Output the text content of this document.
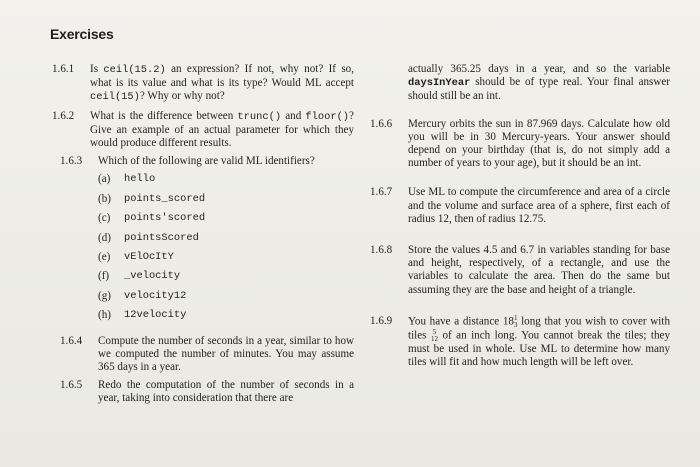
Exercises
1.6.1	Is ceil(15.2) an expression? If not, why not? If so, what is its value and what is its type? Would ML accept ceil(15)? Why or why not?
1.6.2	What is the difference between trunc() and floor()? Give an example of an actual parameter for which they would produce different results.
1.6.3	Which of the following are valid ML identifiers?
(a)	hello
(b)	points_scored
(c)	points'scored
(d)	pointsScored
(e)	vElOcItY
(f)	_velocity
(g)	velocity12
(h)	12velocity
1.6.4	Compute the number of seconds in a year, similar to how we computed the number of minutes. You may assume 365 days in a year.
1.6.5	Redo the computation of the number of seconds in a year, taking into consideration that there are
actually 365.25 days in a year, and so the variable daysInYear should be of type real. Your final answer should still be an int.
1.6.6	Mercury orbits the sun in 87.969 days. Calculate how old you will be in 30 Mercury-years. Your answer should depend on your birthday (that is, do not simply add a number of years to your age), but it should be an int.
1.6.7	Use ML to compute the circumference and area of a circle and the volume and surface area of a sphere, first each of radius 12, then of radius 12.75.
1.6.8	Store the values 4.5 and 6.7 in variables standing for base and height, respectively, of a rectangle, and use the variables to calculate the area. Then do the same but assuming they are the base and height of a triangle.
1.6.9	You have a distance 18 1
3 long that you wish to cover with tiles 5
12 of an inch long. You cannot break the tiles; they must be used in whole. Use ML to determine how many tiles will fit and how much length will be left over.
